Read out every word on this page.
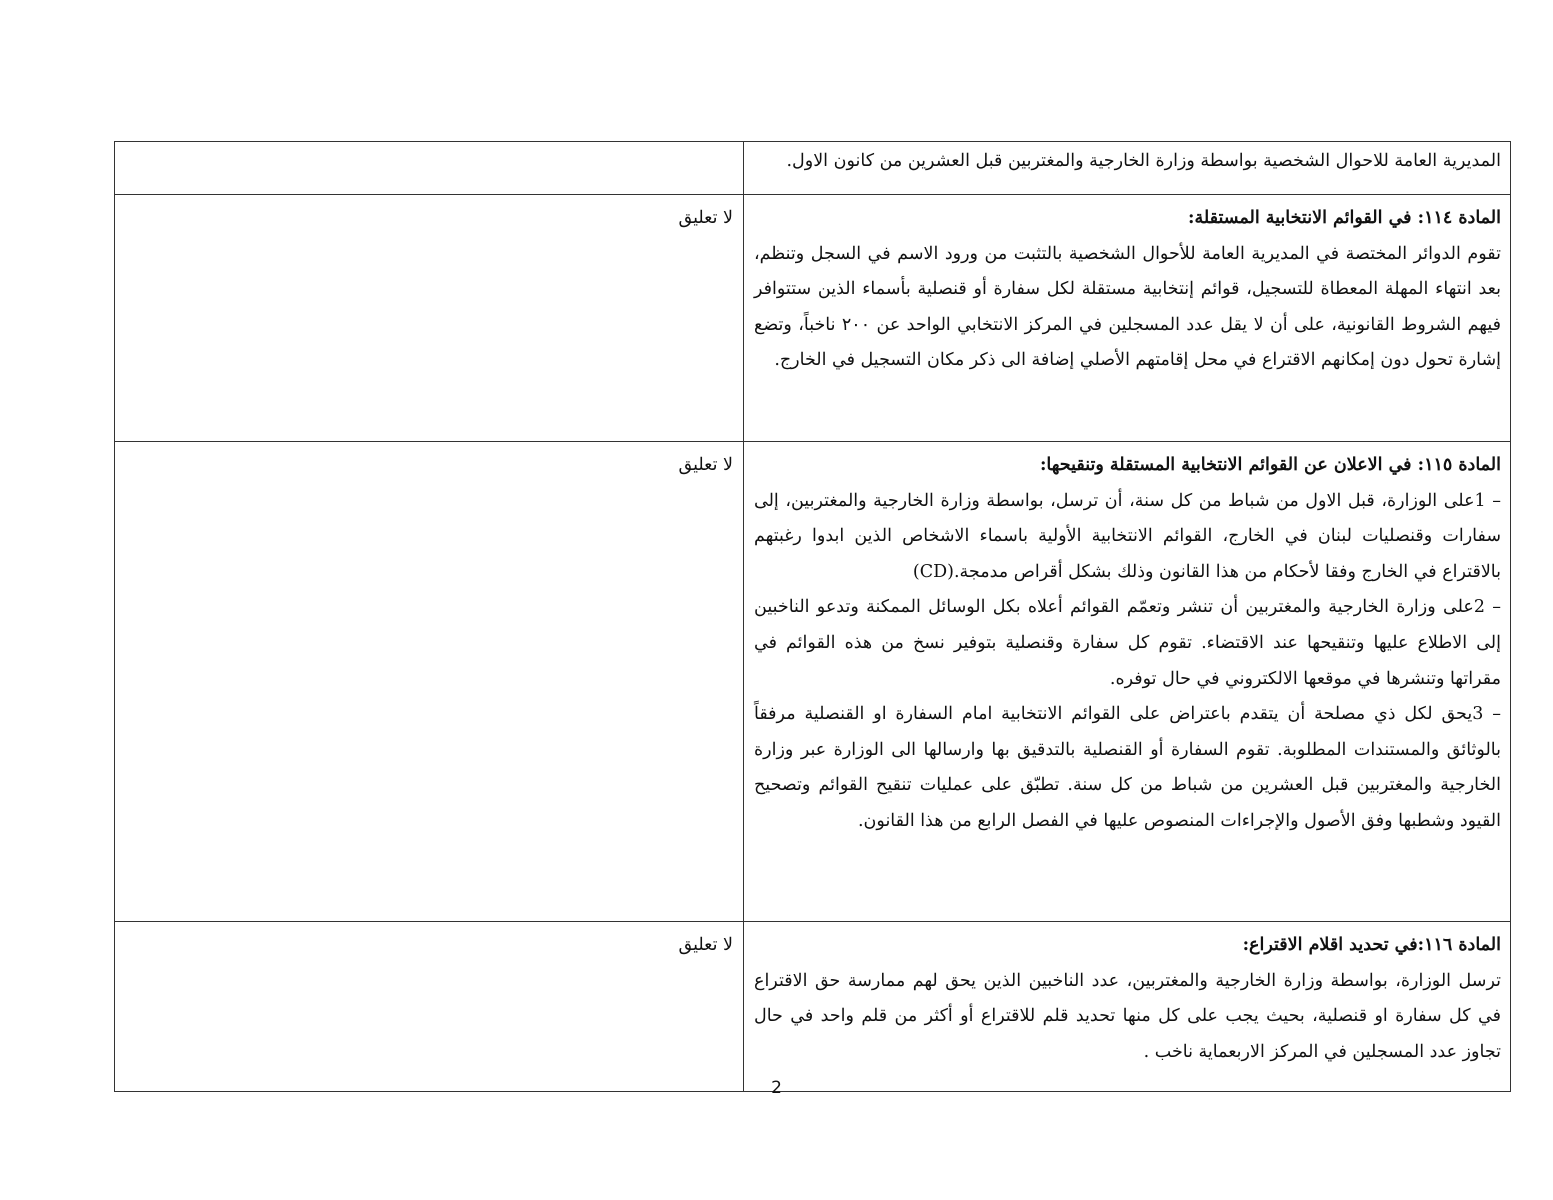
المديرية العامة للاحوال الشخصية بواسطة وزارة الخارجية والمغتربين قبل العشرين من كانون الاول.	

المادة ١١٤: في القوائم الانتخابية المستقلة:

تقوم الدوائر المختصة في المديرية العامة للأحوال الشخصية بالتثبت من ورود الاسم في السجل وتنظم، بعد انتهاء المهلة المعطاة للتسجيل، قوائم إنتخابية مستقلة لكل سفارة أو قنصلية بأسماء الذين ستتوافر فيهم الشروط القانونية، على أن لا يقل عدد المسجلين في المركز الانتخابي الواحد عن ٢٠٠ ناخباً، وتضع إشارة تحول دون إمكانهم الاقتراع في محل إقامتهم الأصلي إضافة الى ذكر مكان التسجيل في الخارج.	لا تعليق

المادة ١١٥: في الاعلان عن القوائم الانتخابية المستقلة وتنقيحها:

– 1على الوزارة، قبل الاول من شباط من كل سنة، أن ترسل، بواسطة وزارة الخارجية والمغتربين، إلى سفارات وقنصليات لبنان في الخارج، القوائم الانتخابية الأولية باسماء الاشخاص الذين ابدوا رغبتهم بالاقتراع في الخارج وفقا لأحكام من هذا القانون وذلك بشكل أقراص مدمجة.(CD)

– 2على وزارة الخارجية والمغتربين أن تنشر وتعمّم القوائم أعلاه بكل الوسائل الممكنة وتدعو الناخبين إلى الاطلاع عليها وتنقيحها عند الاقتضاء. تقوم كل سفارة وقنصلية بتوفير نسخ من هذه القوائم في مقراتها وتنشرها في موقعها الالكتروني في حال توفره.

– 3يحق لكل ذي مصلحة أن يتقدم باعتراض على القوائم الانتخابية امام السفارة او القنصلية مرفقاً بالوثائق والمستندات المطلوبة. تقوم السفارة أو القنصلية بالتدقيق بها وارسالها الى الوزارة عبر وزارة الخارجية والمغتربين قبل العشرين من شباط من كل سنة. تطبّق على عمليات تنقيح القوائم وتصحيح القيود وشطبها وفق الأصول والإجراءات المنصوص عليها في الفصل الرابع من هذا القانون.	لا تعليق

المادة ١١٦:في تحديد اقلام الاقتراع:

ترسل الوزارة، بواسطة وزارة الخارجية والمغتربين، عدد الناخبين الذين يحق لهم ممارسة حق الاقتراع في كل سفارة او قنصلية، بحيث يجب على كل منها تحديد قلم للاقتراع أو أكثر من قلم واحد في حال تجاوز عدد المسجلين في المركز الاربعماية ناخب .	لا تعليق
2
